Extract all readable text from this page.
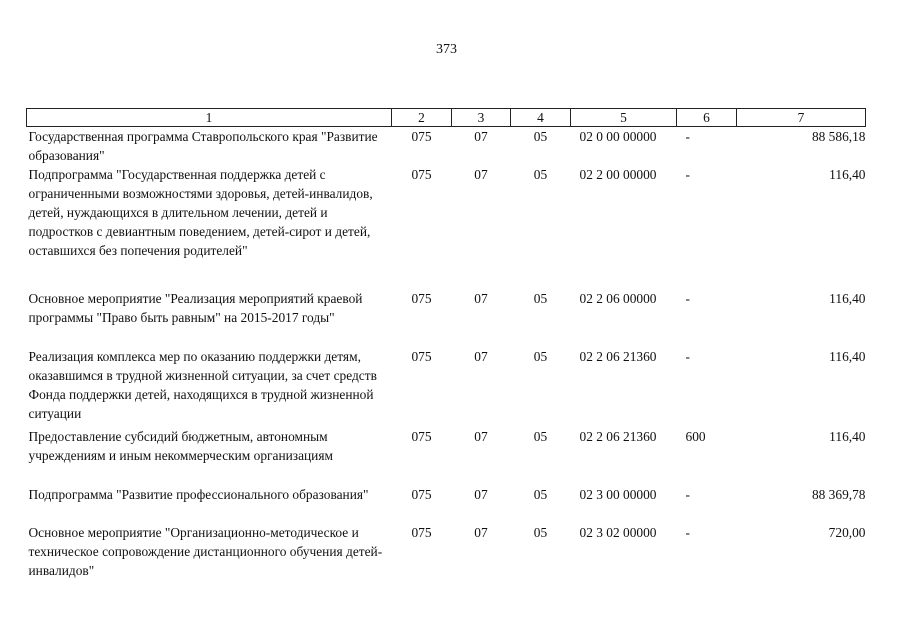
373
1	2	3	4	5	6	7
Государственная программа Ставропольского края "Развитие образования"	075	07	05	02 0 00 00000	-	88 586,18
Подпрограмма "Государственная поддержка детей с ограниченными возможностями здоровья, детей-инвалидов, детей, нуждающихся в длительном лечении, детей и подростков с девиантным поведением, детей-сирот и детей, оставшихся без попечения родителей"	075	07	05	02 2 00 00000	-	116,40
Основное мероприятие "Реализация мероприятий краевой программы "Право быть равным" на 2015-2017 годы"	075	07	05	02 2 06 00000	-	116,40
Реализация комплекса мер по оказанию поддержки детям, оказавшимся в трудной жизненной ситуации, за счет средств Фонда поддержки детей, находящихся в трудной жизненной ситуации	075	07	05	02 2 06 21360	-	116,40
Предоставление субсидий бюджетным, автономным учреждениям и иным некоммерческим организациям	075	07	05	02 2 06 21360	600	116,40
Подпрограмма "Развитие профессионального образования"	075	07	05	02 3 00 00000	-	88 369,78
Основное мероприятие "Организационно-методическое и техническое сопровождение дистанционного обучения детей-инвалидов"	075	07	05	02 3 02 00000	-	720,00
